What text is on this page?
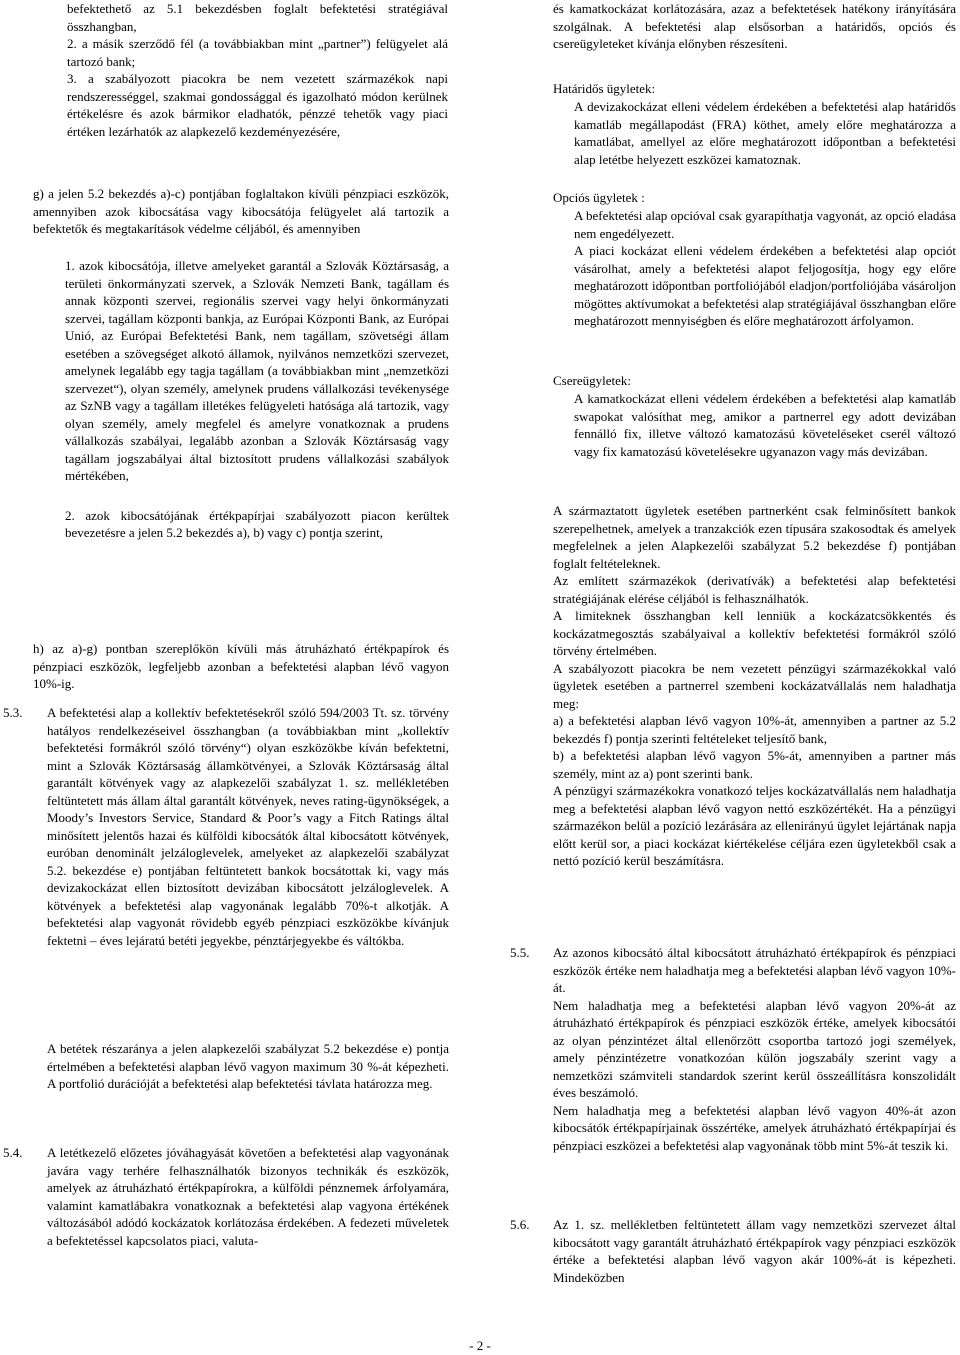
befektethető az 5.1 bekezdésben foglalt befektetési stratégiával összhangban,

2. a másik szerződő fél (a továbbiakban mint „partner”) felügyelet alá tartozó bank;

3. a szabályozott piacokra be nem vezetett származékok napi rendszerességgel, szakmai gondossággal és igazolható módon kerülnek értékelésre és azok bármikor eladhatók, pénzzé tehetők vagy piaci értéken lezárhatók az alapkezelő kezdeményezésére,

g) a jelen 5.2 bekezdés a)-c) pontjában foglaltakon kívüli pénzpiaci eszközök, amennyiben azok kibocsátása vagy kibocsátója felügyelet alá tartozik a befektetők és megtakarítások védelme céljából, és amennyiben

1. azok kibocsátója, illetve amelyeket garantál a Szlovák Köztársaság, a területi önkormányzati szervek, a Szlovák Nemzeti Bank, tagállam és annak központi szervei, regionális szervei vagy helyi önkormányzati szervei, tagállam központi bankja, az Európai Központi Bank, az Európai Unió, az Európai Befektetési Bank, nem tagállam, szövetségi állam esetében a szövegséget alkotó államok, nyilvános nemzetközi szervezet, amelynek legalább egy tagja tagállam (a továbbiakban mint „nemzetközi szervezet“), olyan személy, amelynek prudens vállalkozási tevékenysége az SzNB vagy a tagállam illetékes felügyeleti hatósága alá tartozik, vagy olyan személy, amely megfelel és amelyre vonatkoznak a prudens vállalkozás szabályai, legalább azonban a Szlovák Köztársaság vagy tagállam jogszabályai által biztosított prudens vállalkozási szabályok mértékében,

2. azok kibocsátójának értékpapírjai szabályozott piacon kerültek bevezetésre a jelen 5.2 bekezdés a), b) vagy c) pontja szerint,

h) az a)-g) pontban szereplőkön kívüli más átruházható értékpapírok és pénzpiaci eszközök, legfeljebb azonban a befektetési alapban lévő vagyon 10%-ig.

5.3. A befektetési alap a kollektív befektetésekről szóló 594/2003 Tt. sz. törvény hatályos rendelkezéseivel összhangban (a továbbiakban mint „kollektív befektetési formákról szóló törvény“) olyan eszközökbe kíván befektetni, mint a Szlovák Köztársaság államkötvényei, a Szlovák Köztársaság által garantált kötvények vagy az alapkezelői szabályzat 1. sz. mellékletében feltüntetett más állam által garantált kötvények, neves rating-ügynökségek, a Moody’s Investors Service, Standard & Poor’s vagy a Fitch Ratings által minősített jelentős hazai és külföldi kibocsátók által kibocsátott kötvények, euróban denominált jelzáloglevelek, amelyeket az alapkezelői szabályzat 5.2. bekezdése e) pontjában feltüntetett bankok bocsátottak ki, vagy más devizakockázat ellen biztosított devizában kibocsátott jelzáloglevelek. A kötvények a befektetési alap vagyonának legalább 70%-t alkotják. A befektetési alap vagyonát rövidebb egyéb pénzpiaci eszközökbe kívánjuk fektetni – éves lejáratú betéti jegyekbe, pénztárjegyekbe és váltókba.

A betétek részaránya a jelen alapkezelői szabályzat 5.2 bekezdése e) pontja értelmében a befektetési alapban lévő vagyon maximum 30 %-át képezheti. A portfolió durációját a befektetési alap befektetési távlata határozza meg.

5.4. A letétkezelő előzetes jóváhagyását követően a befektetési alap vagyonának javára vagy terhére felhasználhatók bizonyos technikák és eszközök, amelyek az átruházható értékpapírokra, a külföldi pénznemek árfolyamára, valamint kamatlábakra vonatkoznak a befektetési alap vagyona értékének változásából adódó kockázatok korlátozása érdekében. A fedezeti műveletek a befektetéssel kapcsolatos piaci, valuta-

és kamatkockázat korlátozására, azaz a befektetések hatékony irányítására szolgálnak. A befektetési alap elsősorban a határidős, opciós és csereügyleteket kívánja előnyben részesíteni.

Határidős ügyletek:

A devizakockázat elleni védelem érdekében a befektetési alap határidős kamatláb megállapodást (FRA) köthet, amely előre meghatározza a kamatlábat, amellyel az előre meghatározott időpontban a befektetési alap letétbe helyezett eszközei kamatoznak.

Opciós ügyletek :

A befektetési alap opcióval csak gyarapíthatja vagyonát, az opció eladása nem engedélyezett.

A piaci kockázat elleni védelem érdekében a befektetési alap opciót vásárolhat, amely a befektetési alapot feljogosítja, hogy egy előre meghatározott időpontban portfoliójából eladjon/portfoliójába vásároljon mögöttes aktívumokat a befektetési alap stratégiájával összhangban előre meghatározott mennyiségben és előre meghatározott árfolyamon.

Csereügyletek:

A kamatkockázat elleni védelem érdekében a befektetési alap kamatláb swapokat valósíthat meg, amikor a partnerrel egy adott devizában fennálló fix, illetve változó kamatozású követeléseket cserél változó vagy fix kamatozású követelésekre ugyanazon vagy más devizában.

A származtatott ügyletek esetében partnerként csak felminősített bankok szerepelhetnek, amelyek a tranzakciók ezen típusára szakosodtak és amelyek megfelelnek a jelen Alapkezelői szabályzat 5.2 bekezdése f) pontjában foglalt feltételeknek.

Az említett származékok (derivatívák) a befektetési alap befektetési stratégiájának elérése céljából is felhasználhatók.

A limiteknek összhangban kell lenniük a kockázatcsökkentés és kockázatmegosztás szabályaival a kollektív befektetési formákról szóló törvény értelmében.

A szabályozott piacokra be nem vezetett pénzügyi származékokkal való ügyletek esetében a partnerrel szembeni kockázatvállalás nem haladhatja meg:

a) a befektetési alapban lévő vagyon 10%-át, amennyiben a partner az 5.2 bekezdés f) pontja szerinti feltételeket teljesítő bank,

b) a befektetési alapban lévő vagyon 5%-át, amennyiben a partner más személy, mint az a) pont szerinti bank.

A pénzügyi származékokra vonatkozó teljes kockázatvállalás nem haladhatja meg a befektetési alapban lévő vagyon nettó eszközértékét. Ha a pénzügyi származékon belül a pozíció lezárására az ellenirányú ügylet lejártának napja előtt kerül sor, a piaci kockázat kiértékelése céljára ezen ügyletekből csak a nettó pozíció kerül beszámításra.

5.5. Az azonos kibocsátó által kibocsátott átruházható értékpapírok és pénzpiaci eszközök értéke nem haladhatja meg a befektetési alapban lévő vagyon 10%-át.

Nem haladhatja meg a befektetési alapban lévő vagyon 20%-át az átruházható értékpapírok és pénzpiaci eszközök értéke, amelyek kibocsátói az olyan pénzintézet által ellenőrzött csoportba tartozó jogi személyek, amely pénzintézetre vonatkozóan külön jogszabály szerint vagy a nemzetközi számviteli standardok szerint kerül összeállításra konszolidált éves beszámoló.

Nem haladhatja meg a befektetési alapban lévő vagyon 40%-át azon kibocsátók értékpapírjainak összértéke, amelyek átruházható értékpapírjai és pénzpiaci eszközei a befektetési alap vagyonának több mint 5%-át teszik ki.

5.6. Az 1. sz. mellékletben feltüntetett állam vagy nemzetközi szervezet által kibocsátott vagy garantált átruházható értékpapírok vagy pénzpiaci eszközök értéke a befektetési alapban lévő vagyon akár 100%-át is képezheti. Mindeközben

- 2 -
